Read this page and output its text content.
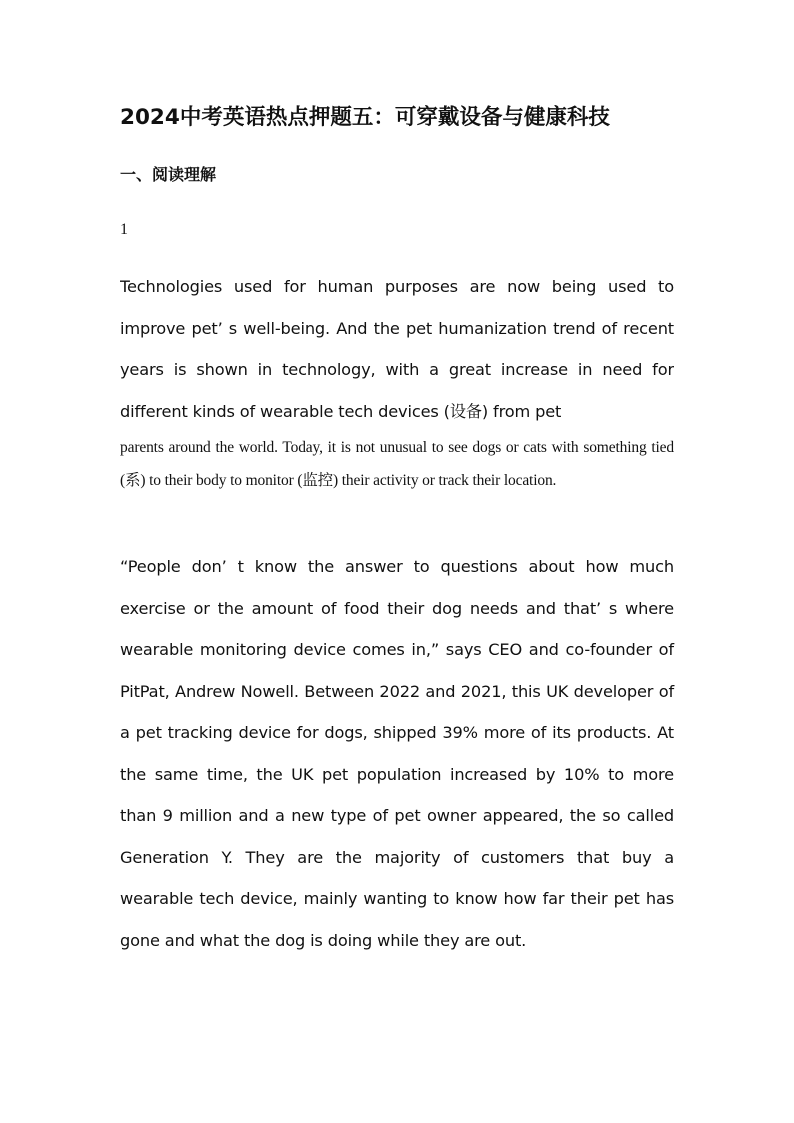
2024中考英语热点押题五：可穿戴设备与健康科技
一、阅读理解
1

Technologies used for human purposes are now being used to improve pet’ s well-being. And the pet humanization trend of recent years is shown in technology, with a great increase in need for different kinds of wearable tech devices (设备) from pet

parents around the world. Today, it is not unusual to see dogs or cats with something tied (系) to their body to monitor (监控) their activity or track their location.

“People don’ t know the answer to questions about how much exercise or the amount of food their dog needs and that’ s where wearable monitoring device comes in,” says CEO and co-founder of PitPat, Andrew Nowell. Between 2022 and 2021, this UK developer of a pet tracking device for dogs, shipped 39% more of its products. At the same time, the UK pet population increased by 10% to more than 9 million and a new type of pet owner appeared, the so called Generation Y. They are the majority of customers that buy a wearable tech device, mainly wanting to know how far their pet has gone and what the dog is doing while they are out.
